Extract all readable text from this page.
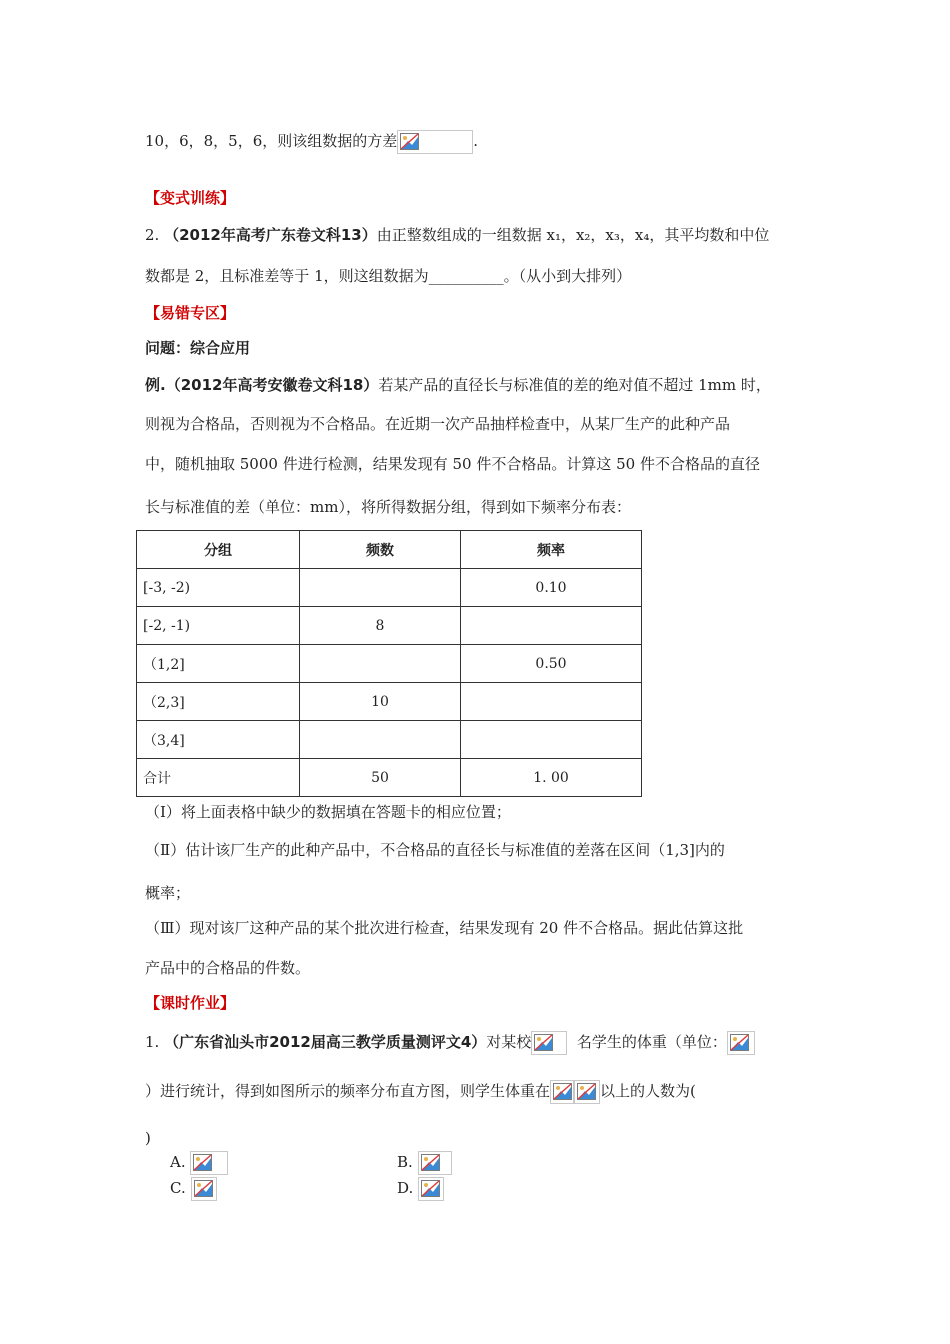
10，6，8，5，6，则该组数据的方差	.
【变式训练】
2. （2012年高考广东卷文科13）由正整数组成的一组数据 x₁，x₂，x₃，x₄，其平均数和中位
数都是 2，且标准差等于 1，则这组数据为__________。（从小到大排列）
【易错专区】
问题：综合应用
例.（2012年高考安徽卷文科18）若某产品的直径长与标准值的差的绝对值不超过 1mm 时，
则视为合格品，否则视为不合格品。在近期一次产品抽样检查中，从某厂生产的此种产品
中，随机抽取 5000 件进行检测，结果发现有 50 件不合格品。计算这 50 件不合格品的直径
长与标准值的差（单位：mm），将所得数据分组，得到如下频率分布表：
分组	频数	频率
[-3, -2)		0.10
[-2, -1)	8	
（1,2]		0.50
（2,3]	10	
（3,4]		
合计	50	1. 00
（Ⅰ）将上面表格中缺少的数据填在答题卡的相应位置；
（Ⅱ）估计该厂生产的此种产品中，不合格品的直径长与标准值的差落在区间（1,3]内的
概率；
（Ⅲ）现对该厂这种产品的某个批次进行检查，结果发现有 20 件不合格品。据此估算这批
产品中的合格品的件数。
【课时作业】
1. （广东省汕头市2012届高三教学质量测评文4）对某校	名学生的体重（单位：
）进行统计，得到如图所示的频率分布直方图，则学生体重在	以上的人数为(
)
A.	B.
C.	D.
